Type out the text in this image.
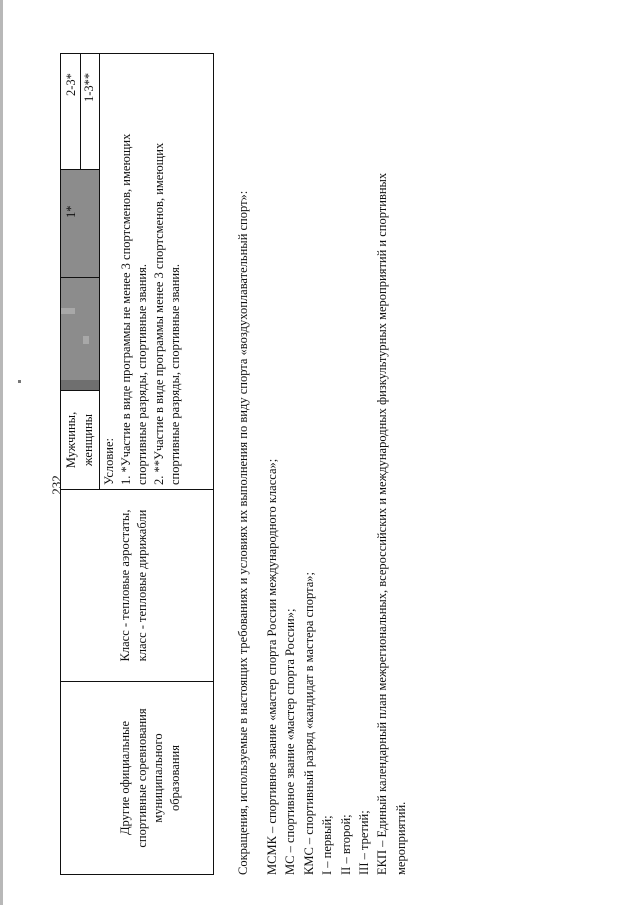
232
Другие официальные спортивные соревнования муниципального образования
Класс - тепловые аэростаты, класс - тепловые дирижабли
Мужчины, женщины
1*
2-3* 1-3**
Условие: 1. *Участие в виде программы не менее 3 спортсменов, имеющих спортивные разряды, спортивные звания. 2. **Участие в виде программы менее 3 спортсменов, имеющих спортивные разряды, спортивные звания.	Сокращения, используемые в настоящих требованиях и условиях их выполнения по виду спорта «воздухоплавательный спорт»: МСМК – спортивное звание «мастер спорта России международного класса»; МС – спортивное звание «мастер спорта России»; КМС – спортивный разряд «кандидат в мастера спорта»; I – первый; II – второй; III – третий; ЕКП – Единый календарный план межрегиональных, всероссийских и международных физкультурных мероприятий и спортивных мероприятий.
